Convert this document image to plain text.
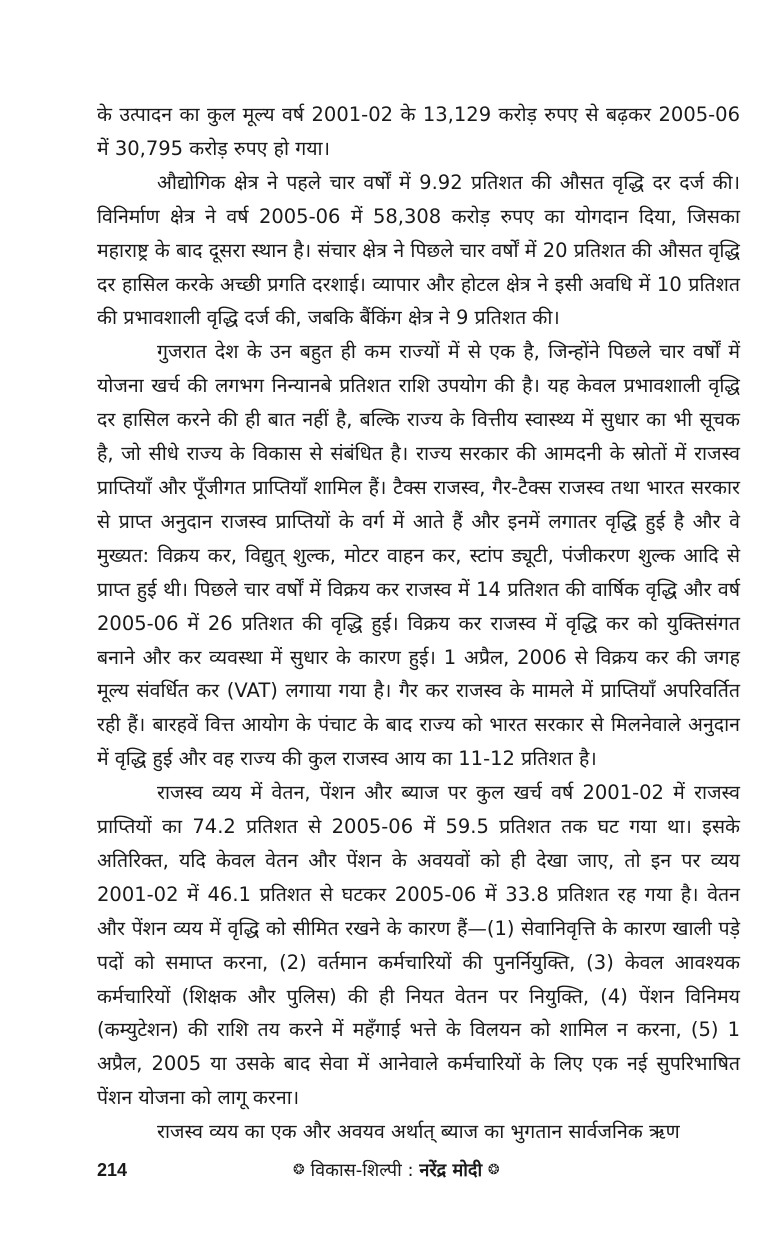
के उत्पादन का कुल मूल्य वर्ष 2001-02 के 13,129 करोड़ रुपए से बढ़कर 2005-06 में 30,795 करोड़ रुपए हो गया।

औद्योगिक क्षेत्र ने पहले चार वर्षों में 9.92 प्रतिशत की औसत वृद्धि दर दर्ज की। विनिर्माण क्षेत्र ने वर्ष 2005-06 में 58,308 करोड़ रुपए का योगदान दिया, जिसका महाराष्ट्र के बाद दूसरा स्थान है। संचार क्षेत्र ने पिछले चार वर्षों में 20 प्रतिशत की औसत वृद्धि दर हासिल करके अच्छी प्रगति दरशाई। व्यापार और होटल क्षेत्र ने इसी अवधि में 10 प्रतिशत की प्रभावशाली वृद्धि दर्ज की, जबकि बैंकिंग क्षेत्र ने 9 प्रतिशत की।

गुजरात देश के उन बहुत ही कम राज्यों में से एक है, जिन्होंने पिछले चार वर्षों में योजना खर्च की लगभग निन्यानबे प्रतिशत राशि उपयोग की है। यह केवल प्रभावशाली वृद्धि दर हासिल करने की ही बात नहीं है, बल्कि राज्य के वित्तीय स्वास्थ्य में सुधार का भी सूचक है, जो सीधे राज्य के विकास से संबंधित है। राज्य सरकार की आमदनी के स्रोतों में राजस्व प्राप्तियाँ और पूँजीगत प्राप्तियाँ शामिल हैं। टैक्स राजस्व, गैर-टैक्स राजस्व तथा भारत सरकार से प्राप्त अनुदान राजस्व प्राप्तियों के वर्ग में आते हैं और इनमें लगातर वृद्धि हुई है और वे मुख्यत: विक्रय कर, विद्युत् शुल्क, मोटर वाहन कर, स्टांप ड्यूटी, पंजीकरण शुल्क आदि से प्राप्त हुई थी। पिछले चार वर्षों में विक्रय कर राजस्व में 14 प्रतिशत की वार्षिक वृद्धि और वर्ष 2005-06 में 26 प्रतिशत की वृद्धि हुई। विक्रय कर राजस्व में वृद्धि कर को युक्तिसंगत बनाने और कर व्यवस्था में सुधार के कारण हुई। 1 अप्रैल, 2006 से विक्रय कर की जगह मूल्य संवर्धित कर (VAT) लगाया गया है। गैर कर राजस्व के मामले में प्राप्तियाँ अपरिवर्तित रही हैं। बारहवें वित्त आयोग के पंचाट के बाद राज्य को भारत सरकार से मिलनेवाले अनुदान में वृद्धि हुई और वह राज्य की कुल राजस्व आय का 11-12 प्रतिशत है।

राजस्व व्यय में वेतन, पेंशन और ब्याज पर कुल खर्च वर्ष 2001-02 में राजस्व प्राप्तियों का 74.2 प्रतिशत से 2005-06 में 59.5 प्रतिशत तक घट गया था। इसके अतिरिक्त, यदि केवल वेतन और पेंशन के अवयवों को ही देखा जाए, तो इन पर व्यय 2001-02 में 46.1 प्रतिशत से घटकर 2005-06 में 33.8 प्रतिशत रह गया है। वेतन और पेंशन व्यय में वृद्धि को सीमित रखने के कारण हैं—(1) सेवानिवृत्ति के कारण खाली पड़े पदों को समाप्त करना, (2) वर्तमान कर्मचारियों की पुनर्नियुक्ति, (3) केवल आवश्यक कर्मचारियों (शिक्षक और पुलिस) की ही नियत वेतन पर नियुक्ति, (4) पेंशन विनिमय (कम्युटेशन) की राशि तय करने में महँगाई भत्ते के विलयन को शामिल न करना, (5) 1 अप्रैल, 2005 या उसके बाद सेवा में आनेवाले कर्मचारियों के लिए एक नई सुपरिभाषित पेंशन योजना को लागू करना।

राजस्व व्यय का एक और अवयव अर्थात् ब्याज का भुगतान सार्वजनिक ऋण

214	❂ विकास-शिल्पी : नरेंद्र मोदी ❂
